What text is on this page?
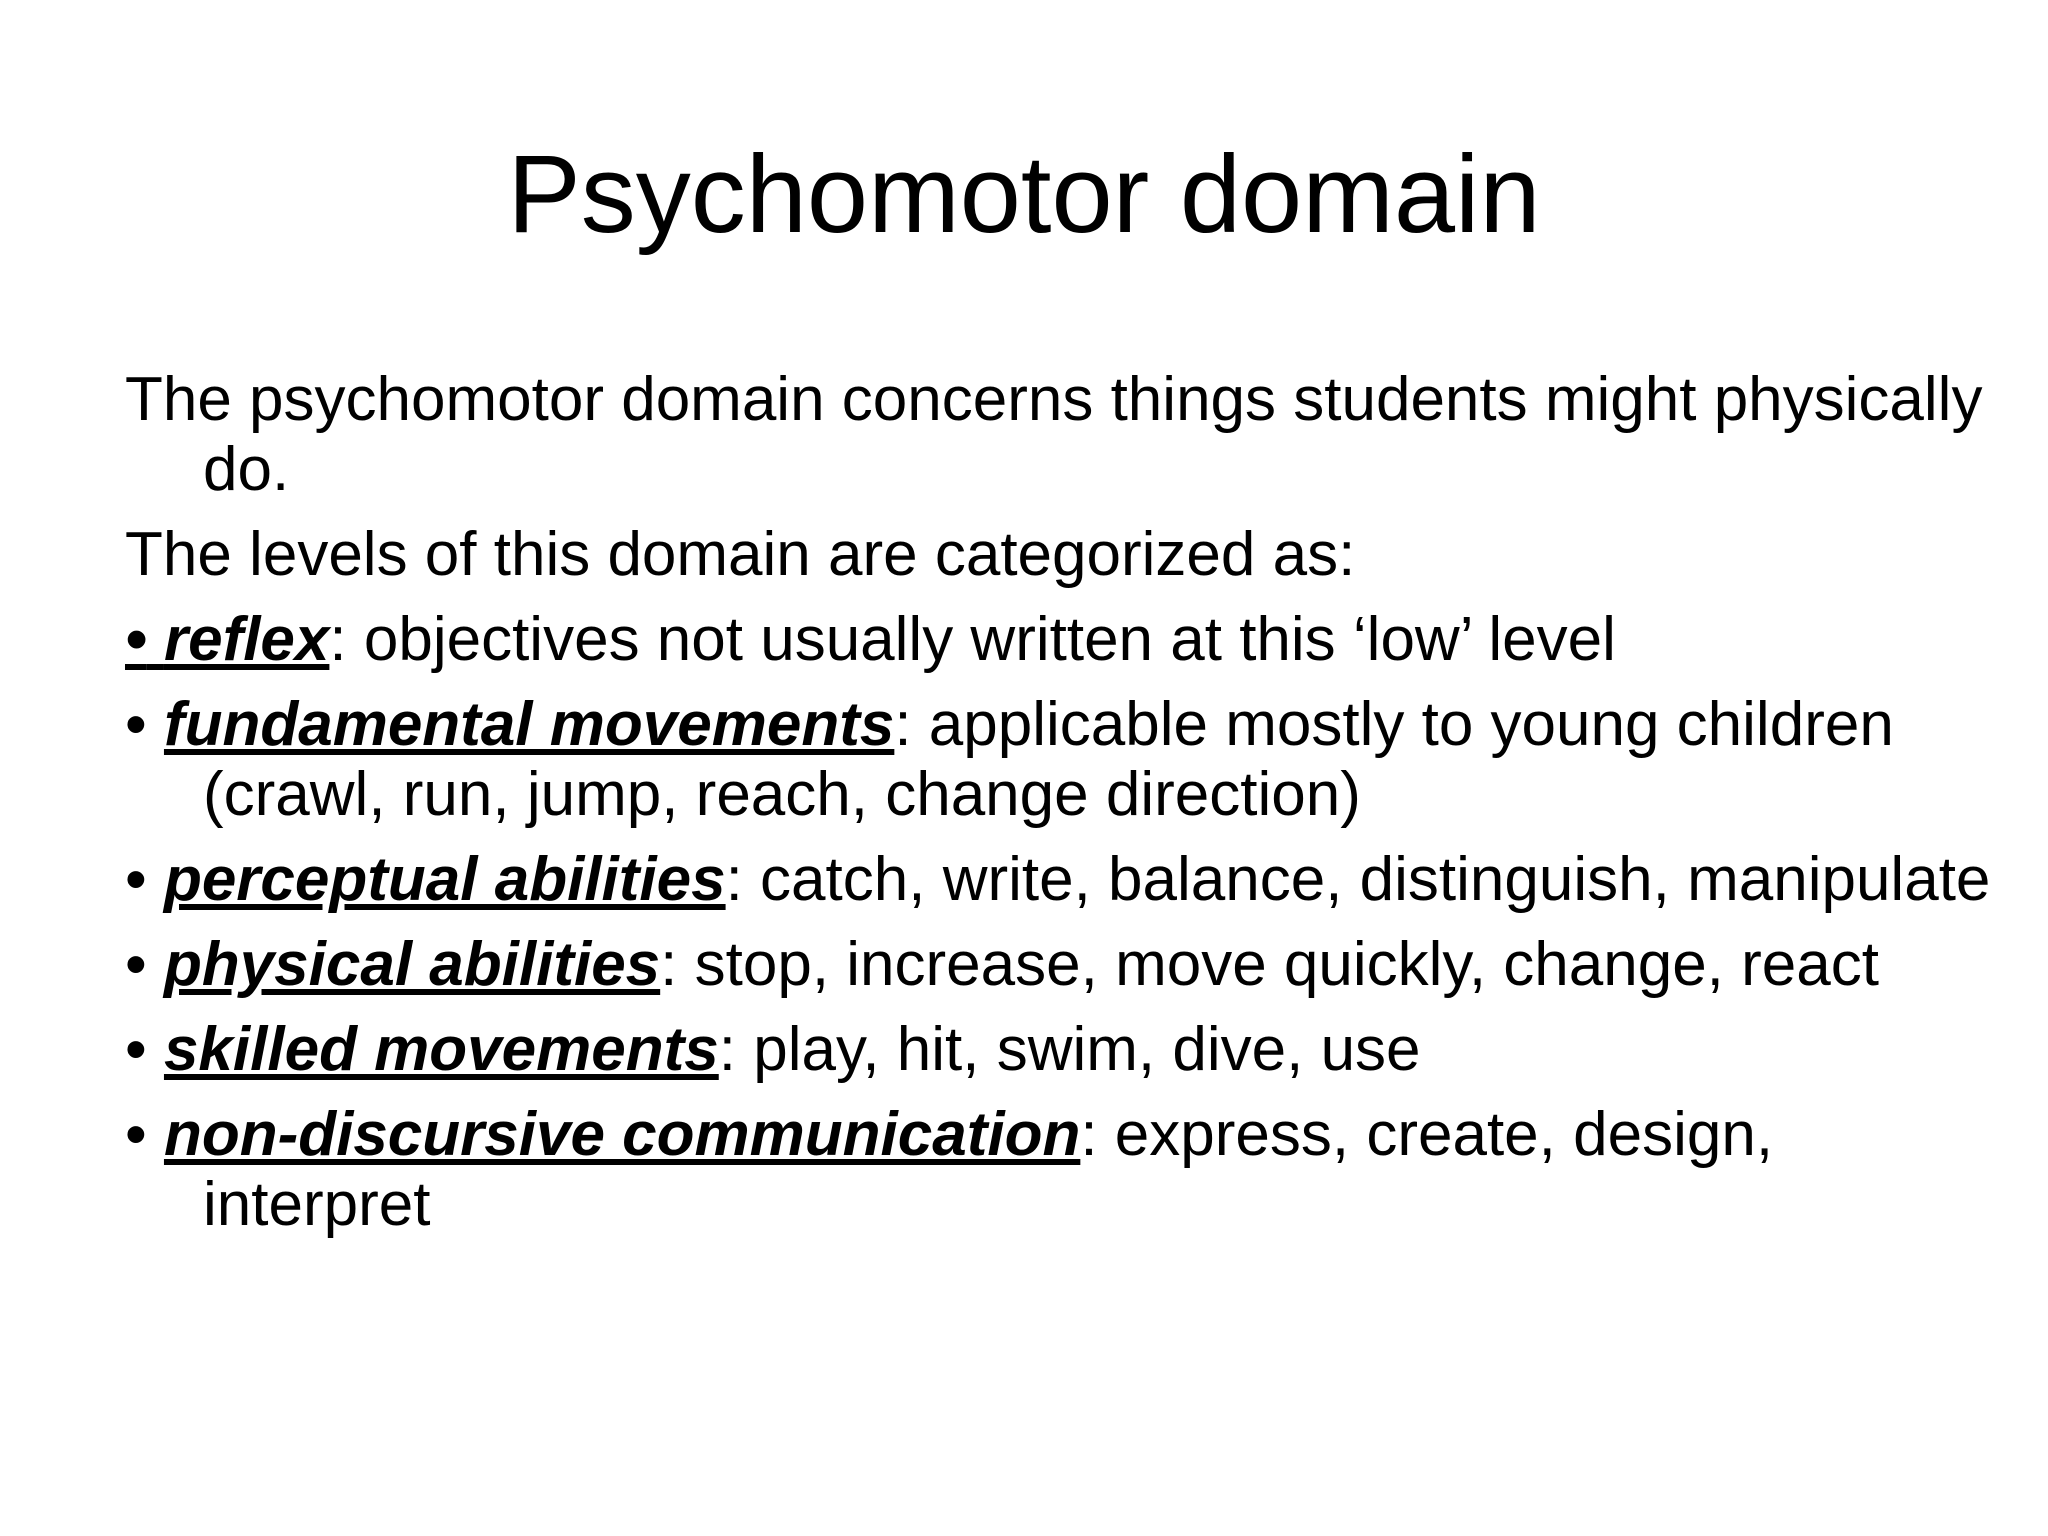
Psychomotor domain

The psychomotor domain concerns things students might physically do.

The levels of this domain are categorized as:

• reflex: objectives not usually written at this ‘low’ level

• fundamental movements: applicable mostly to young children (crawl, run, jump, reach, change direction)

• perceptual abilities: catch, write, balance, distinguish, manipulate

• physical abilities: stop, increase, move quickly, change, react

• skilled movements: play, hit, swim, dive, use

• non-discursive communication: express, create, design, interpret
